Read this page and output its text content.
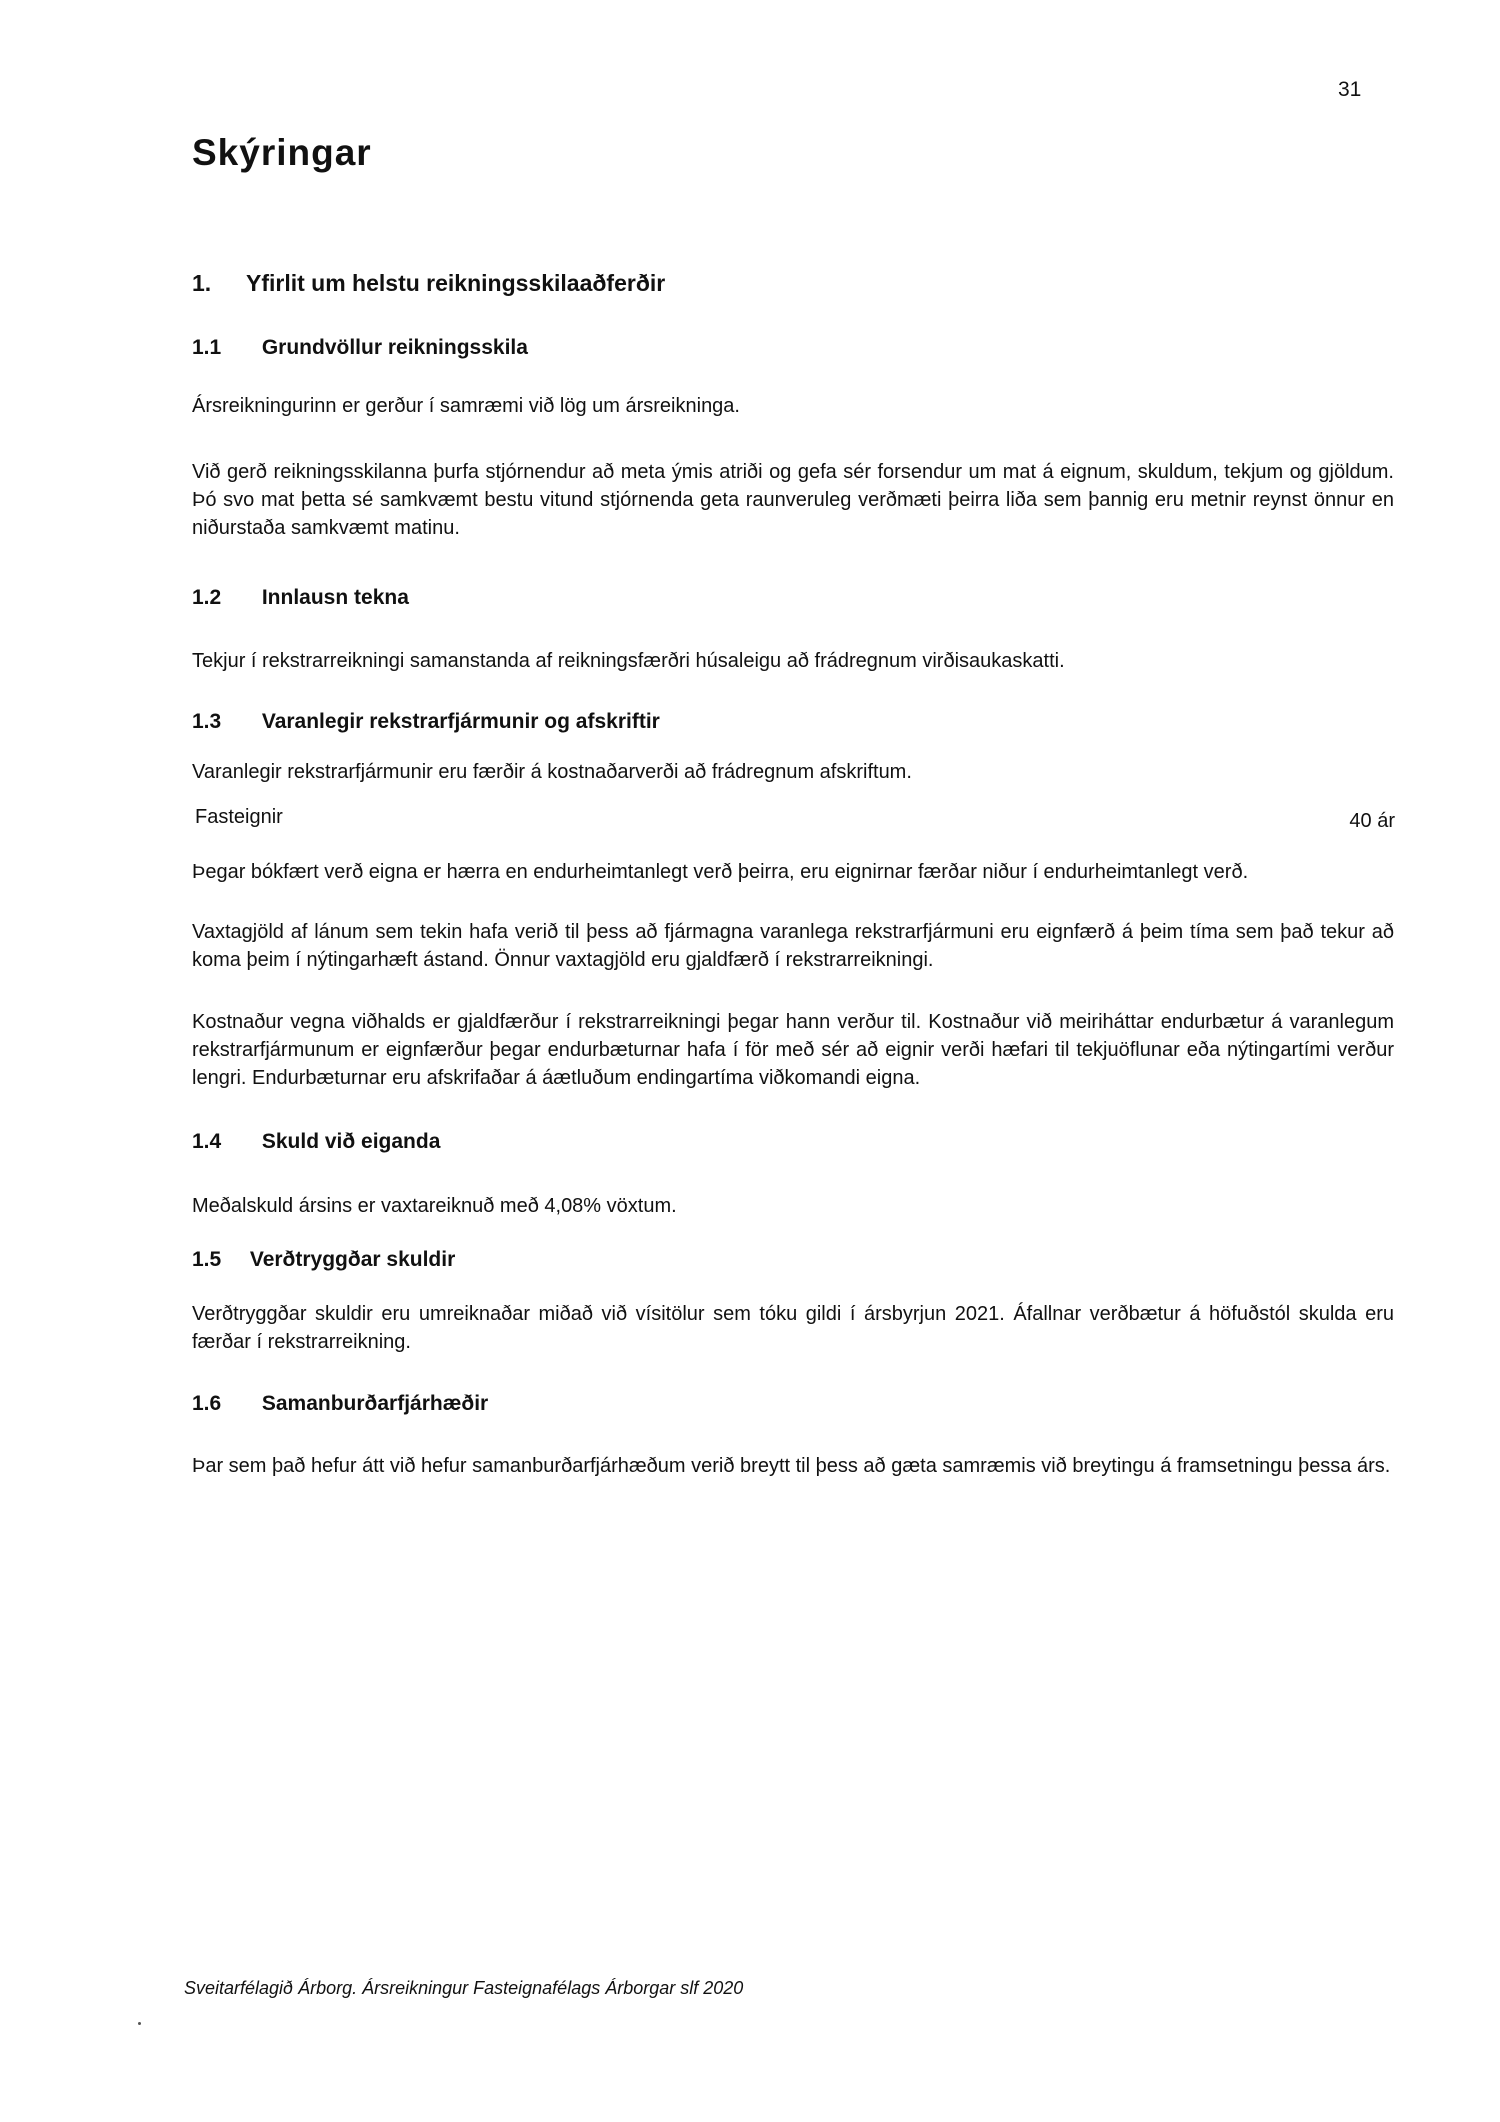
31
Skýringar
1. Yfirlit um helstu reikningsskilaaðferðir
1.1 Grundvöllur reikningsskila

Ársreikningurinn er gerður í samræmi við lög um ársreikninga.

Við gerð reikningsskilanna þurfa stjórnendur að meta ýmis atriði og gefa sér forsendur um mat á eignum, skuldum, tekjum og gjöldum. Þó svo mat þetta sé samkvæmt bestu vitund stjórnenda geta raunveruleg verðmæti þeirra liða sem þannig eru metnir reynst önnur en niðurstaða samkvæmt matinu.

1.2 Innlausn tekna

Tekjur í rekstrarreikningi samanstanda af reikningsfærðri húsaleigu að frádregnum virðisaukaskatti.

1.3 Varanlegir rekstrarfjármunir og afskriftir

Varanlegir rekstrarfjármunir eru færðir á kostnaðarverði að frádregnum afskriftum.

Fasteignir	40 ár

Þegar bókfært verð eigna er hærra en endurheimtanlegt verð þeirra, eru eignirnar færðar niður í endurheimtanlegt verð.

Vaxtagjöld af lánum sem tekin hafa verið til þess að fjármagna varanlega rekstrarfjármuni eru eignfærð á þeim tíma sem það tekur að koma þeim í nýtingarhæft ástand. Önnur vaxtagjöld eru gjaldfærð í rekstrarreikningi.

Kostnaður vegna viðhalds er gjaldfærður í rekstrarreikningi þegar hann verður til. Kostnaður við meiriháttar endurbætur á varanlegum rekstrarfjármunum er eignfærður þegar endurbæturnar hafa í för með sér að eignir verði hæfari til tekjuöflunar eða nýtingartími verður lengri. Endurbæturnar eru afskrifaðar á áætluðum endingartíma viðkomandi eigna.

1.4 Skuld við eiganda

Meðalskuld ársins er vaxtareiknuð með 4,08% vöxtum.

1.5 Verðtryggðar skuldir

Verðtryggðar skuldir eru umreiknaðar miðað við vísitölur sem tóku gildi í ársbyrjun 2021. Áfallnar verðbætur á höfuðstól skulda eru færðar í rekstrarreikning.

1.6 Samanburðarfjárhæðir

Þar sem það hefur átt við hefur samanburðarfjárhæðum verið breytt til þess að gæta samræmis við breytingu á framsetningu þessa árs.

Sveitarfélagið Árborg. Ársreikningur Fasteignafélags Árborgar slf 2020
